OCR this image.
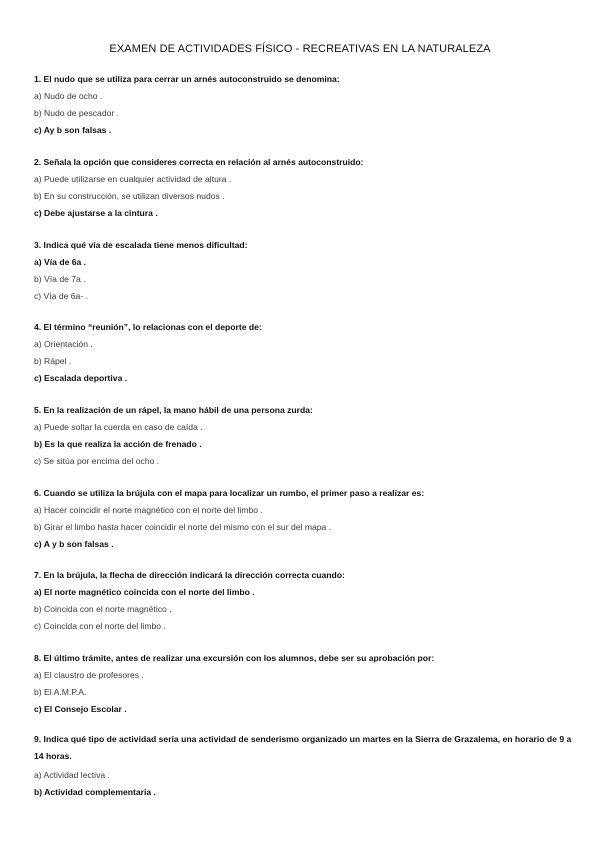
EXAMEN DE ACTIVIDADES FÍSICO - RECREATIVAS EN LA NATURALEZA
1. El nudo que se utiliza para cerrar un arnés autoconstruido se denomina:
a) Nudo de ocho .
b) Nudo de pescador .
c) Ay b son falsas .
2. Señala la opción que consideres correcta en relación al arnés autoconstruido:
a) Puede utilizarse en cualquier actividad de altura .
b) En su construcción, se utilizan diversos nudos .
c) Debe ajustarse a la cintura .
3. Indica qué vía de escalada tiene menos dificultad:
a) Vía de 6a .
b) Vía de 7a .
c) Vía de 6a- .
4. El término “reunión”, lo relacionas con el deporte de:
a) Orientación .
b) Rápel .
c) Escalada deportiva .
5. En la realización de un rápel, la mano hábil de una persona zurda:
a) Puede soltar la cuerda en caso de caída .
b) Es la que realiza la acción de frenado .
c) Se sitúa por encima del ocho .
6. Cuando se utiliza la brújula con el mapa para localizar un rumbo, el primer paso a realizar es:
a) Hacer coincidir el norte magnético con el norte del limbo .
b) Girar el limbo hasta hacer coincidir el norte del mismo con el sur del mapa .
c) A y b son falsas .
7. En la brújula, la flecha de dirección indicará la dirección correcta cuando:
a) El norte magnético coincida con el norte del limbo .
b) Coincida con el norte magnético .
c) Coincida con el norte del limbo .
8. El último trámite, antes de realizar una excursión con los alumnos, debe ser su aprobación por:
a) El claustro de profesores .
b) El A.M.P.A.
c) El Consejo Escolar .
9. Indica qué tipo de actividad sería una actividad de senderismo organizado un martes en la Sierra de Grazalema, en horario de 9 a 14 horas.
a) Actividad lectiva .
b) Actividad complementaria .
